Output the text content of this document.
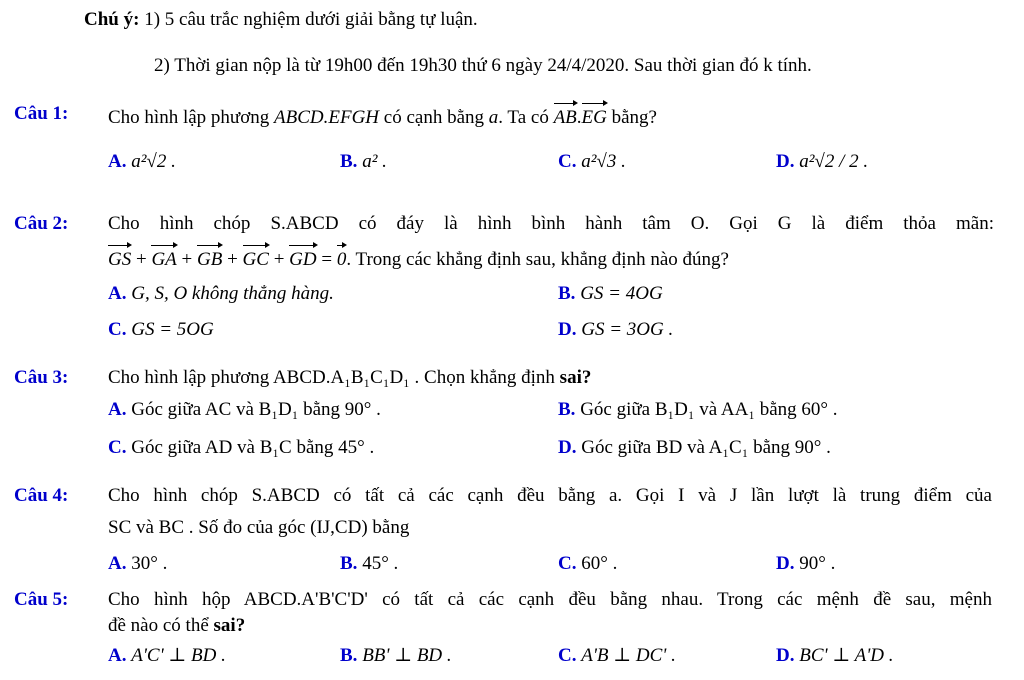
Chú ý: 1) 5 câu trắc nghiệm dưới giải bằng tự luận.
2) Thời gian nộp là từ 19h00 đến 19h30 thứ 6 ngày 24/4/2020. Sau thời gian đó k tính.
Câu 1: Cho hình lập phương ABCD.EFGH có cạnh bằng a. Ta có AB.EG bằng?
A. a²√2 .	B. a² .	C. a²√3 .	D. a²√2 / 2 .
Câu 2: Cho hình chóp S.ABCD có đáy là hình bình hành tâm O. Gọi G là điểm thỏa mãn:
GS + GA + GB + GC + GD = 0. Trong các khẳng định sau, khẳng định nào đúng?
A. G, S, O không thẳng hàng.	B. GS = 4OG
C. GS = 5OG	D. GS = 3OG .
Câu 3: Cho hình lập phương ABCD.A₁B₁C₁D₁ . Chọn khẳng định sai?
A. Góc giữa AC và B₁D₁ bằng 90° .	B. Góc giữa B₁D₁ và AA₁ bằng 60° .
C. Góc giữa AD và B₁C bằng 45° .	D. Góc giữa BD và A₁C₁ bằng 90° .
Câu 4: Cho hình chóp S.ABCD có tất cả các cạnh đều bằng a. Gọi I và J lần lượt là trung điểm của
SC và BC . Số đo của góc (IJ,CD) bằng
A. 30° .	B. 45° .	C. 60° .	D. 90° .
Câu 5: Cho hình hộp ABCD.A'B'C'D' có tất cả các cạnh đều bằng nhau. Trong các mệnh đề sau, mệnh
đề nào có thể sai?
A. A'C' ⊥ BD .	B. BB' ⊥ BD .	C. A'B ⊥ DC' .	D. BC' ⊥ A'D .
